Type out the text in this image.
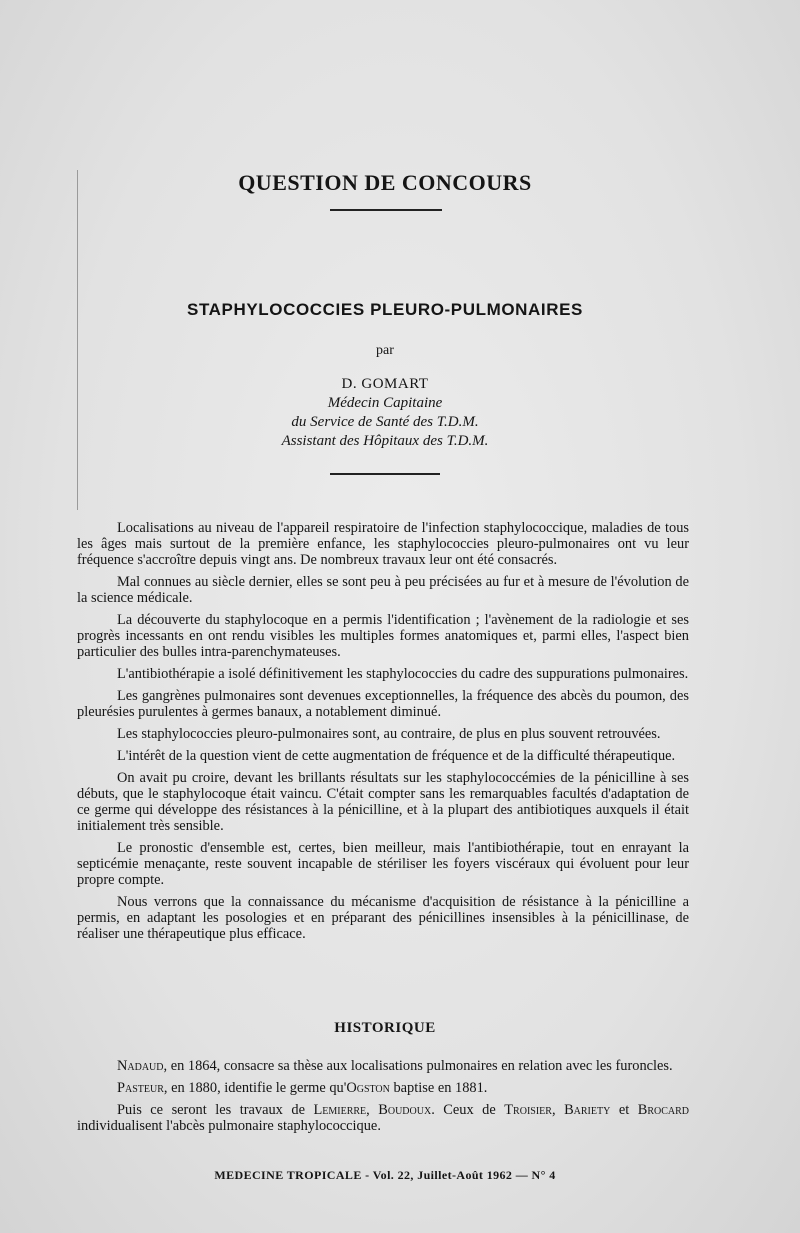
QUESTION DE CONCOURS
STAPHYLOCOCCIES PLEURO-PULMONAIRES
par
D. GOMART
Médecin Capitaine
du Service de Santé des T.D.M.
Assistant des Hôpitaux des T.D.M.

Localisations au niveau de l'appareil respiratoire de l'infection staphylococcique, maladies de tous les âges mais surtout de la première enfance, les staphylococcies pleuro-pulmonaires ont vu leur fréquence s'accroître depuis vingt ans. De nombreux travaux leur ont été consacrés.

Mal connues au siècle dernier, elles se sont peu à peu précisées au fur et à mesure de l'évolution de la science médicale.

La découverte du staphylocoque en a permis l'identification ; l'avènement de la radiologie et ses progrès incessants en ont rendu visibles les multiples formes anatomiques et, parmi elles, l'aspect bien particulier des bulles intra-parenchymateuses.

L'antibiothérapie a isolé définitivement les staphylococcies du cadre des suppurations pulmonaires.

Les gangrènes pulmonaires sont devenues exceptionnelles, la fréquence des abcès du poumon, des pleurésies purulentes à germes banaux, a notablement diminué.

Les staphylococcies pleuro-pulmonaires sont, au contraire, de plus en plus souvent retrouvées.

L'intérêt de la question vient de cette augmentation de fréquence et de la difficulté thérapeutique.

On avait pu croire, devant les brillants résultats sur les staphylococcémies de la pénicilline à ses débuts, que le staphylocoque était vaincu. C'était compter sans les remarquables facultés d'adaptation de ce germe qui développe des résistances à la pénicilline, et à la plupart des antibiotiques auxquels il était initialement très sensible.

Le pronostic d'ensemble est, certes, bien meilleur, mais l'antibiothérapie, tout en enrayant la septicémie menaçante, reste souvent incapable de stériliser les foyers viscéraux qui évoluent pour leur propre compte.

Nous verrons que la connaissance du mécanisme d'acquisition de résistance à la pénicilline a permis, en adaptant les posologies et en préparant des pénicillines insensibles à la pénicillinase, de réaliser une thérapeutique plus efficace.

HISTORIQUE

Nadaud, en 1864, consacre sa thèse aux localisations pulmonaires en relation avec les furoncles.

Pasteur, en 1880, identifie le germe qu'Ogston baptise en 1881.

Puis ce seront les travaux de Lemierre, Boudoux. Ceux de Troisier, Bariety et Brocard individualisent l'abcès pulmonaire staphylococcique.

MEDECINE TROPICALE - Vol. 22, Juillet-Août 1962 — N° 4
